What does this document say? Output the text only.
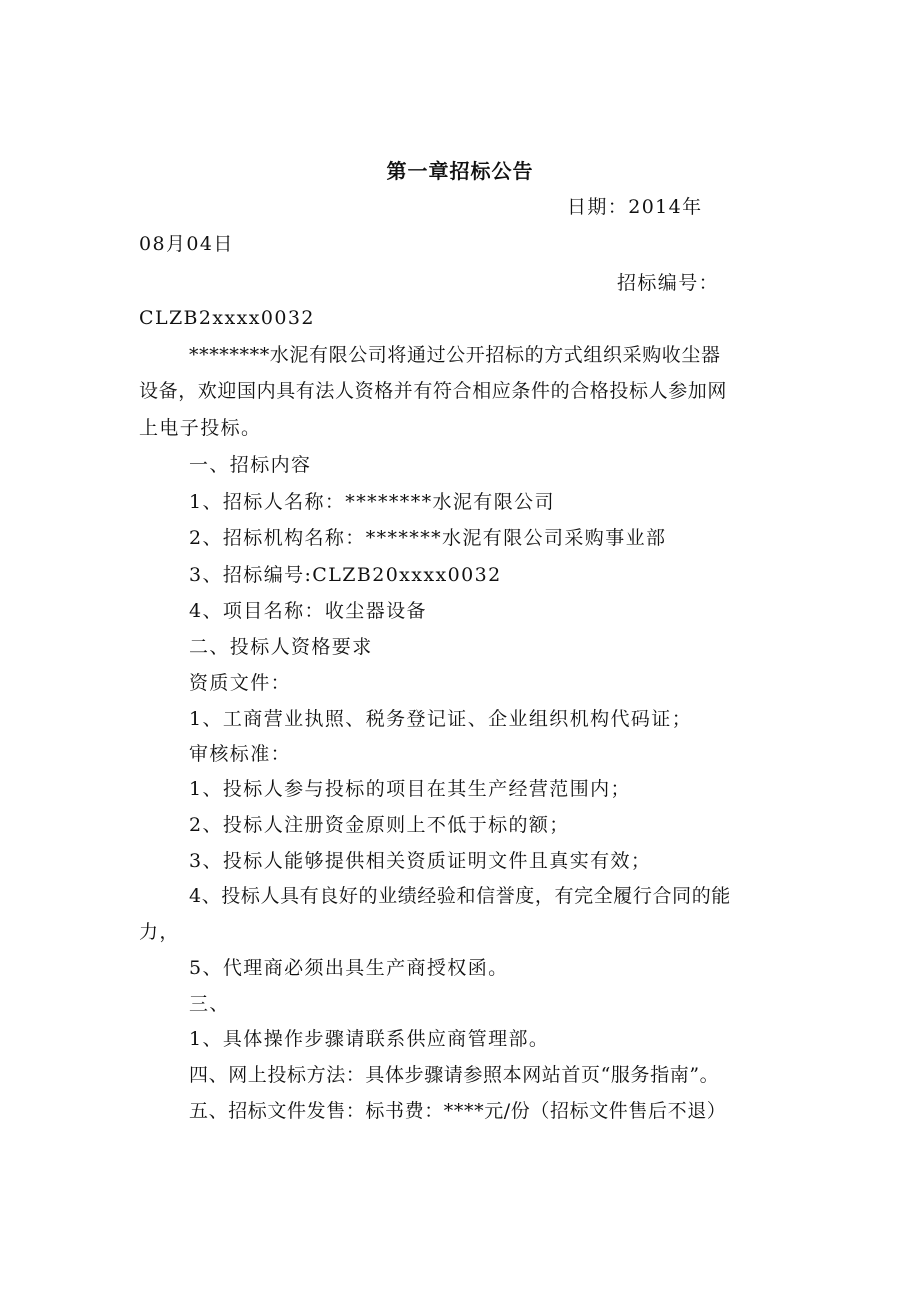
第一章招标公告
日期：2014年
08月04日
招标编号：
CLZB2xxxx0032
********水泥有限公司将通过公开招标的方式组织采购收尘器
设备，欢迎国内具有法人资格并有符合相应条件的合格投标人参加网
上电子投标。
一、招标内容
1、招标人名称：********水泥有限公司
2、招标机构名称：*******水泥有限公司采购事业部
3、招标编号:CLZB20xxxx0032
4、项目名称：收尘器设备
二、投标人资格要求
资质文件：
1、工商营业执照、税务登记证、企业组织机构代码证；
审核标准：
1、投标人参与投标的项目在其生产经营范围内；
2、投标人注册资金原则上不低于标的额；
3、投标人能够提供相关资质证明文件且真实有效；
4、投标人具有良好的业绩经验和信誉度，有完全履行合同的能
力，
5、代理商必须出具生产商授权函。
三、
1、具体操作步骤请联系供应商管理部。
四、网上投标方法：具体步骤请参照本网站首页“服务指南”。
五、招标文件发售：标书费：****元/份（招标文件售后不退）
